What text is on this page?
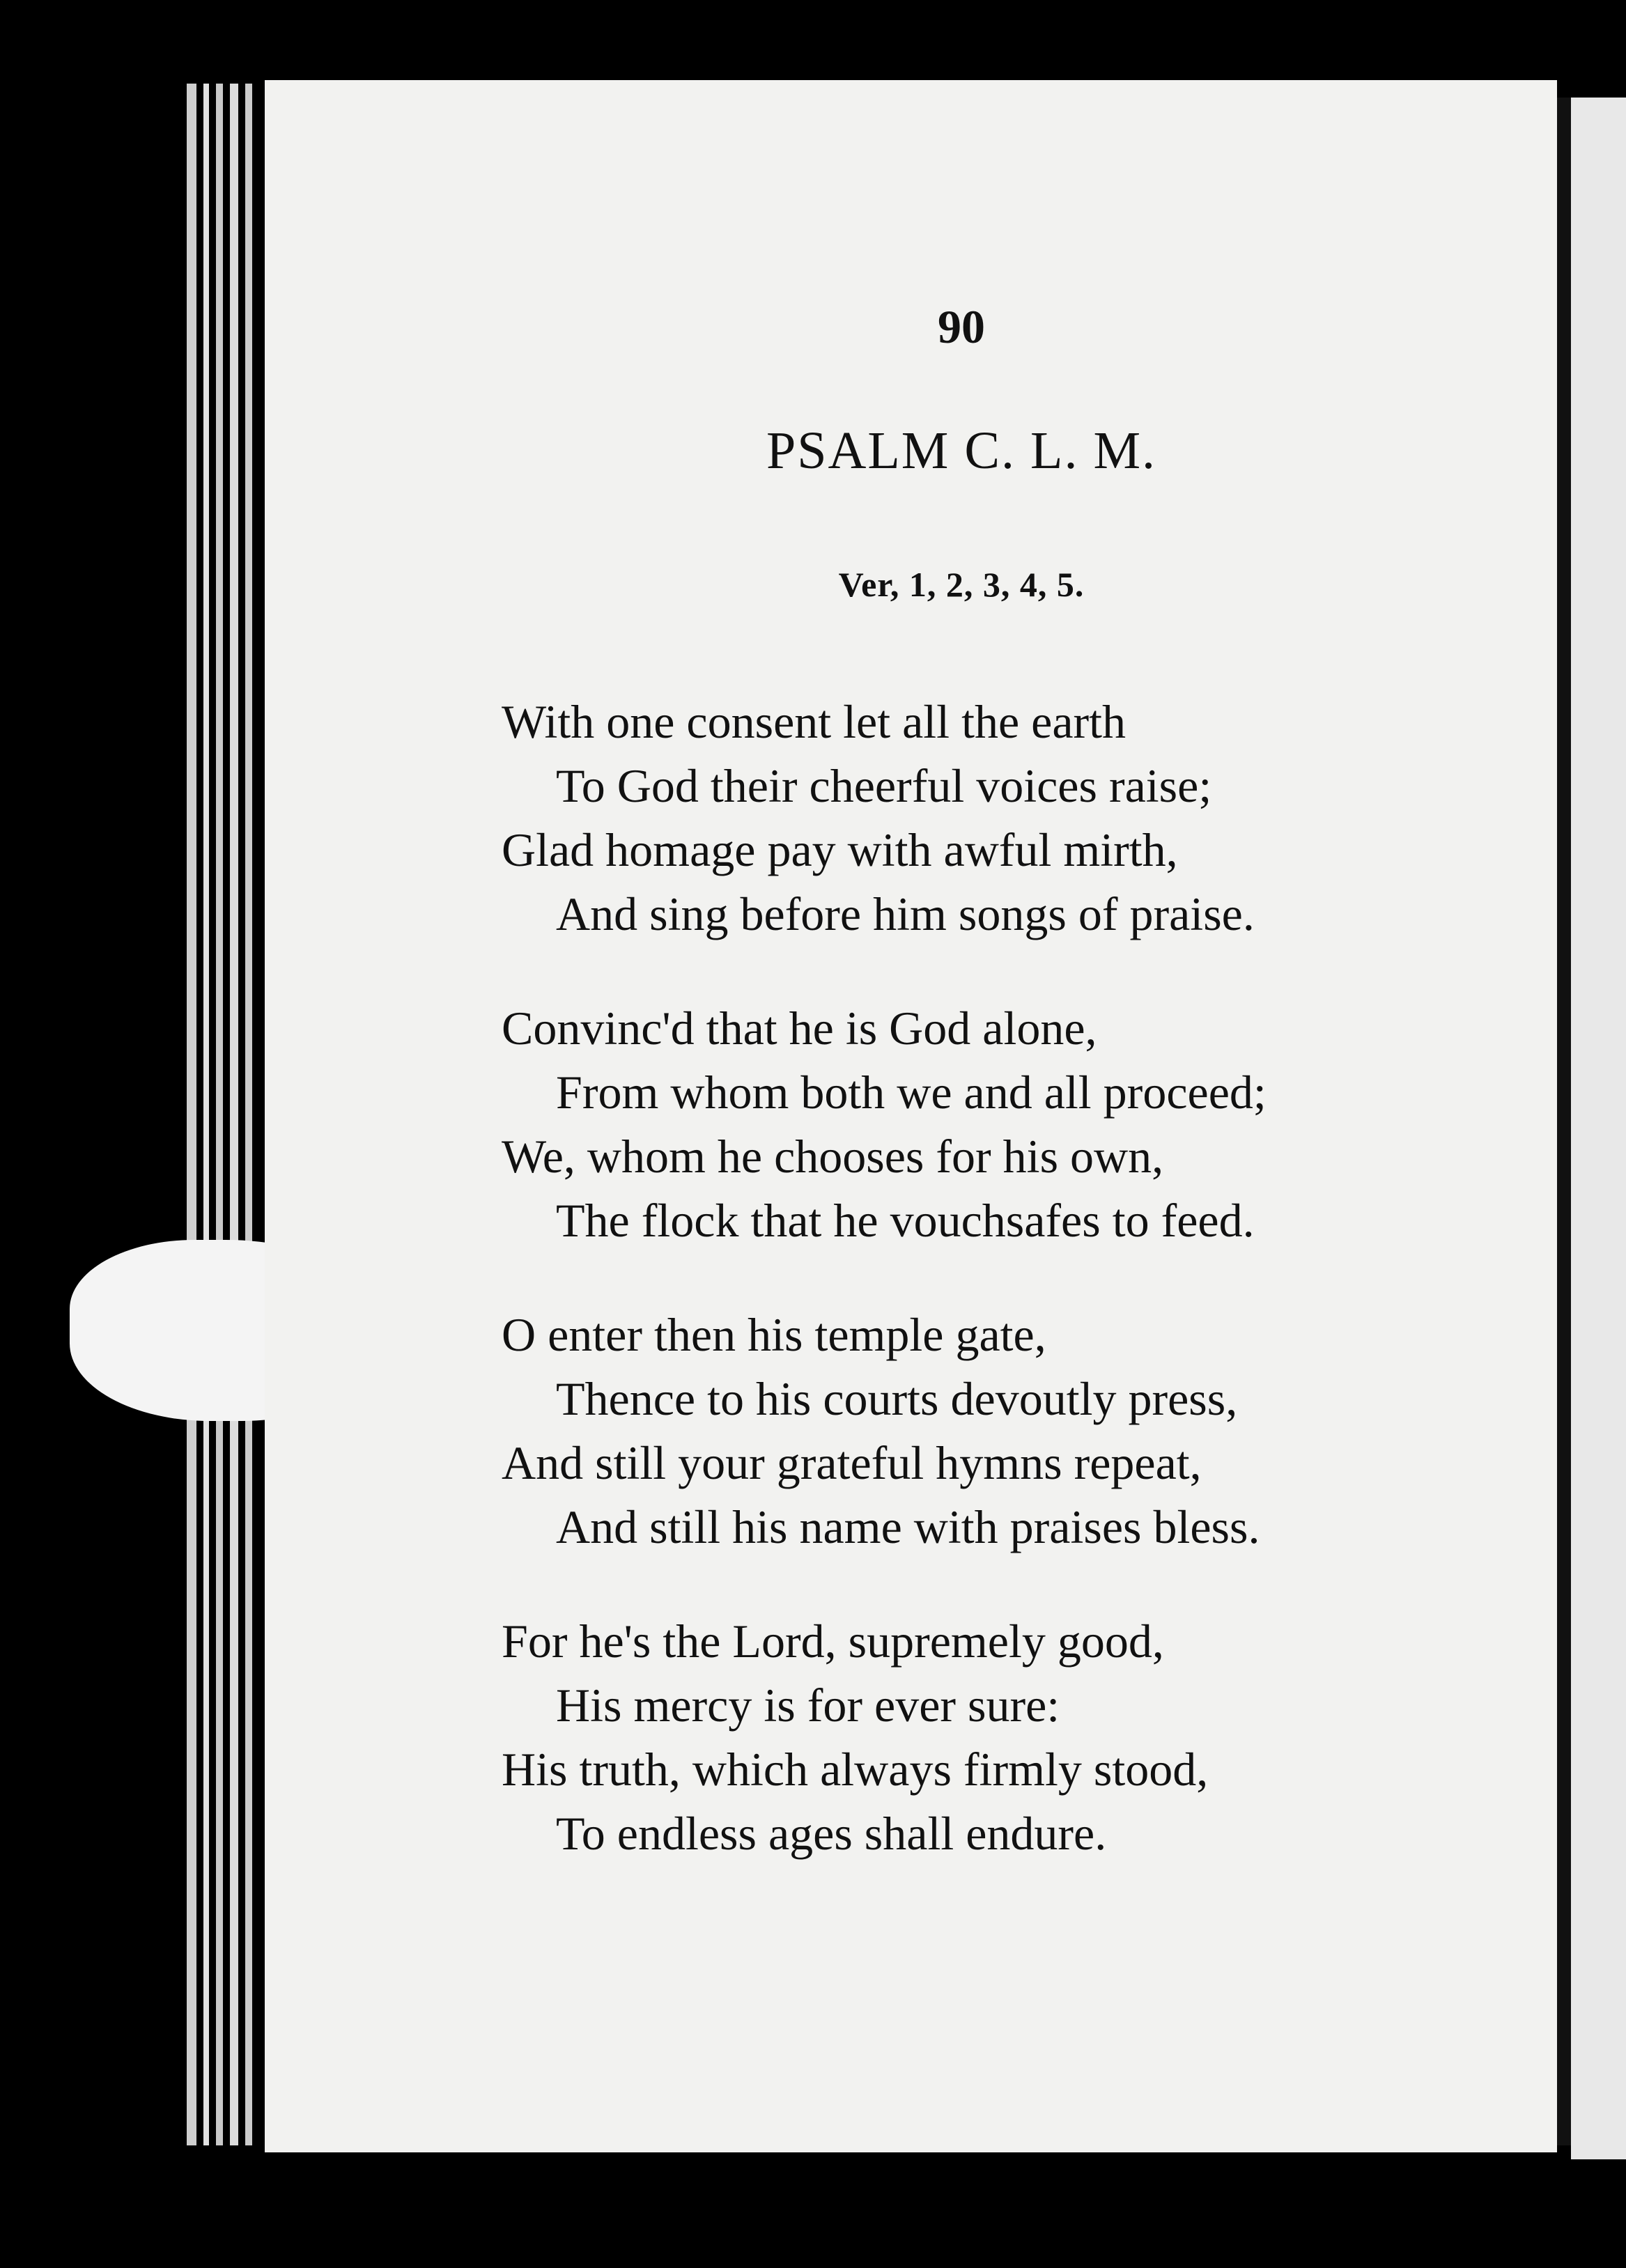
90
PSALM C. L. M.
Ver, 1, 2, 3, 4, 5.
With one consent let all the earth
To God their cheerful voices raise;
Glad homage pay with awful mirth,
And sing before him songs of praise.
Convinc'd that he is God alone,
From whom both we and all proceed;
We, whom he chooses for his own,
The flock that he vouchsafes to feed.
O enter then his temple gate,
Thence to his courts devoutly press,
And still your grateful hymns repeat,
And still his name with praises bless.
For he's the Lord, supremely good,
His mercy is for ever sure:
His truth, which always firmly stood,
To endless ages shall endure.
